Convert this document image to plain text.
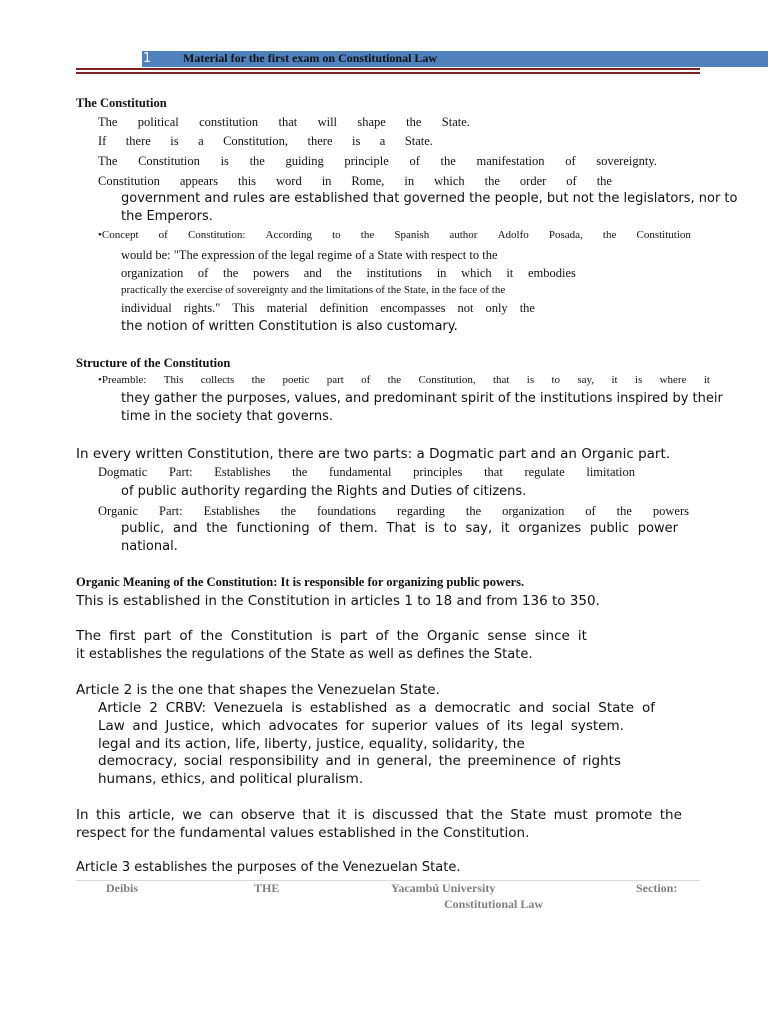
1	Material for the first exam on Constitutional Law
The Constitution
The political constitution that will shape the State.
If there is a Constitution, there is a State.
The Constitution is the guiding principle of the manifestation of sovereignty.
Constitution appears this word in Rome, in which the order of the
government and rules are established that governed the people, but not the legislators, nor to
the Emperors.
•Concept of Constitution: According to the Spanish author Adolfo Posada, the Constitution
would be: "The expression of the legal regime of a State with respect to the
organization of the powers and the institutions in which it embodies
practically the exercise of sovereignty and the limitations of the State, in the face of the
individual rights." This material definition encompasses not only the
the notion of written Constitution is also customary.
Structure of the Constitution
•Preamble: This collects the poetic part of the Constitution, that is to say, it is where it
they gather the purposes, values, and predominant spirit of the institutions inspired by their
time in the society that governs.
In every written Constitution, there are two parts: a Dogmatic part and an Organic part.
Dogmatic Part: Establishes the fundamental principles that regulate limitation
of public authority regarding the Rights and Duties of citizens.
Organic Part: Establishes the foundations regarding the organization of the powers
public, and the functioning of them. That is to say, it organizes public power
national.
Organic Meaning of the Constitution: It is responsible for organizing public powers.
This is established in the Constitution in articles 1 to 18 and from 136 to 350.
The first part of the Constitution is part of the Organic sense since it
it establishes the regulations of the State as well as defines the State.
Article 2 is the one that shapes the Venezuelan State.
Article 2 CRBV: Venezuela is established as a democratic and social State of
Law and Justice, which advocates for superior values of its legal system.
legal and its action, life, liberty, justice, equality, solidarity, the
democracy, social responsibility and in general, the preeminence of rights
humans, ethics, and political pluralism.
In this article, we can observe that it is discussed that the State must promote the
respect for the fundamental values established in the Constitution.
Article 3 establishes the purposes of the Venezuelan State.
Deibis	THE	Yacambú University	Section:
Constitutional Law
